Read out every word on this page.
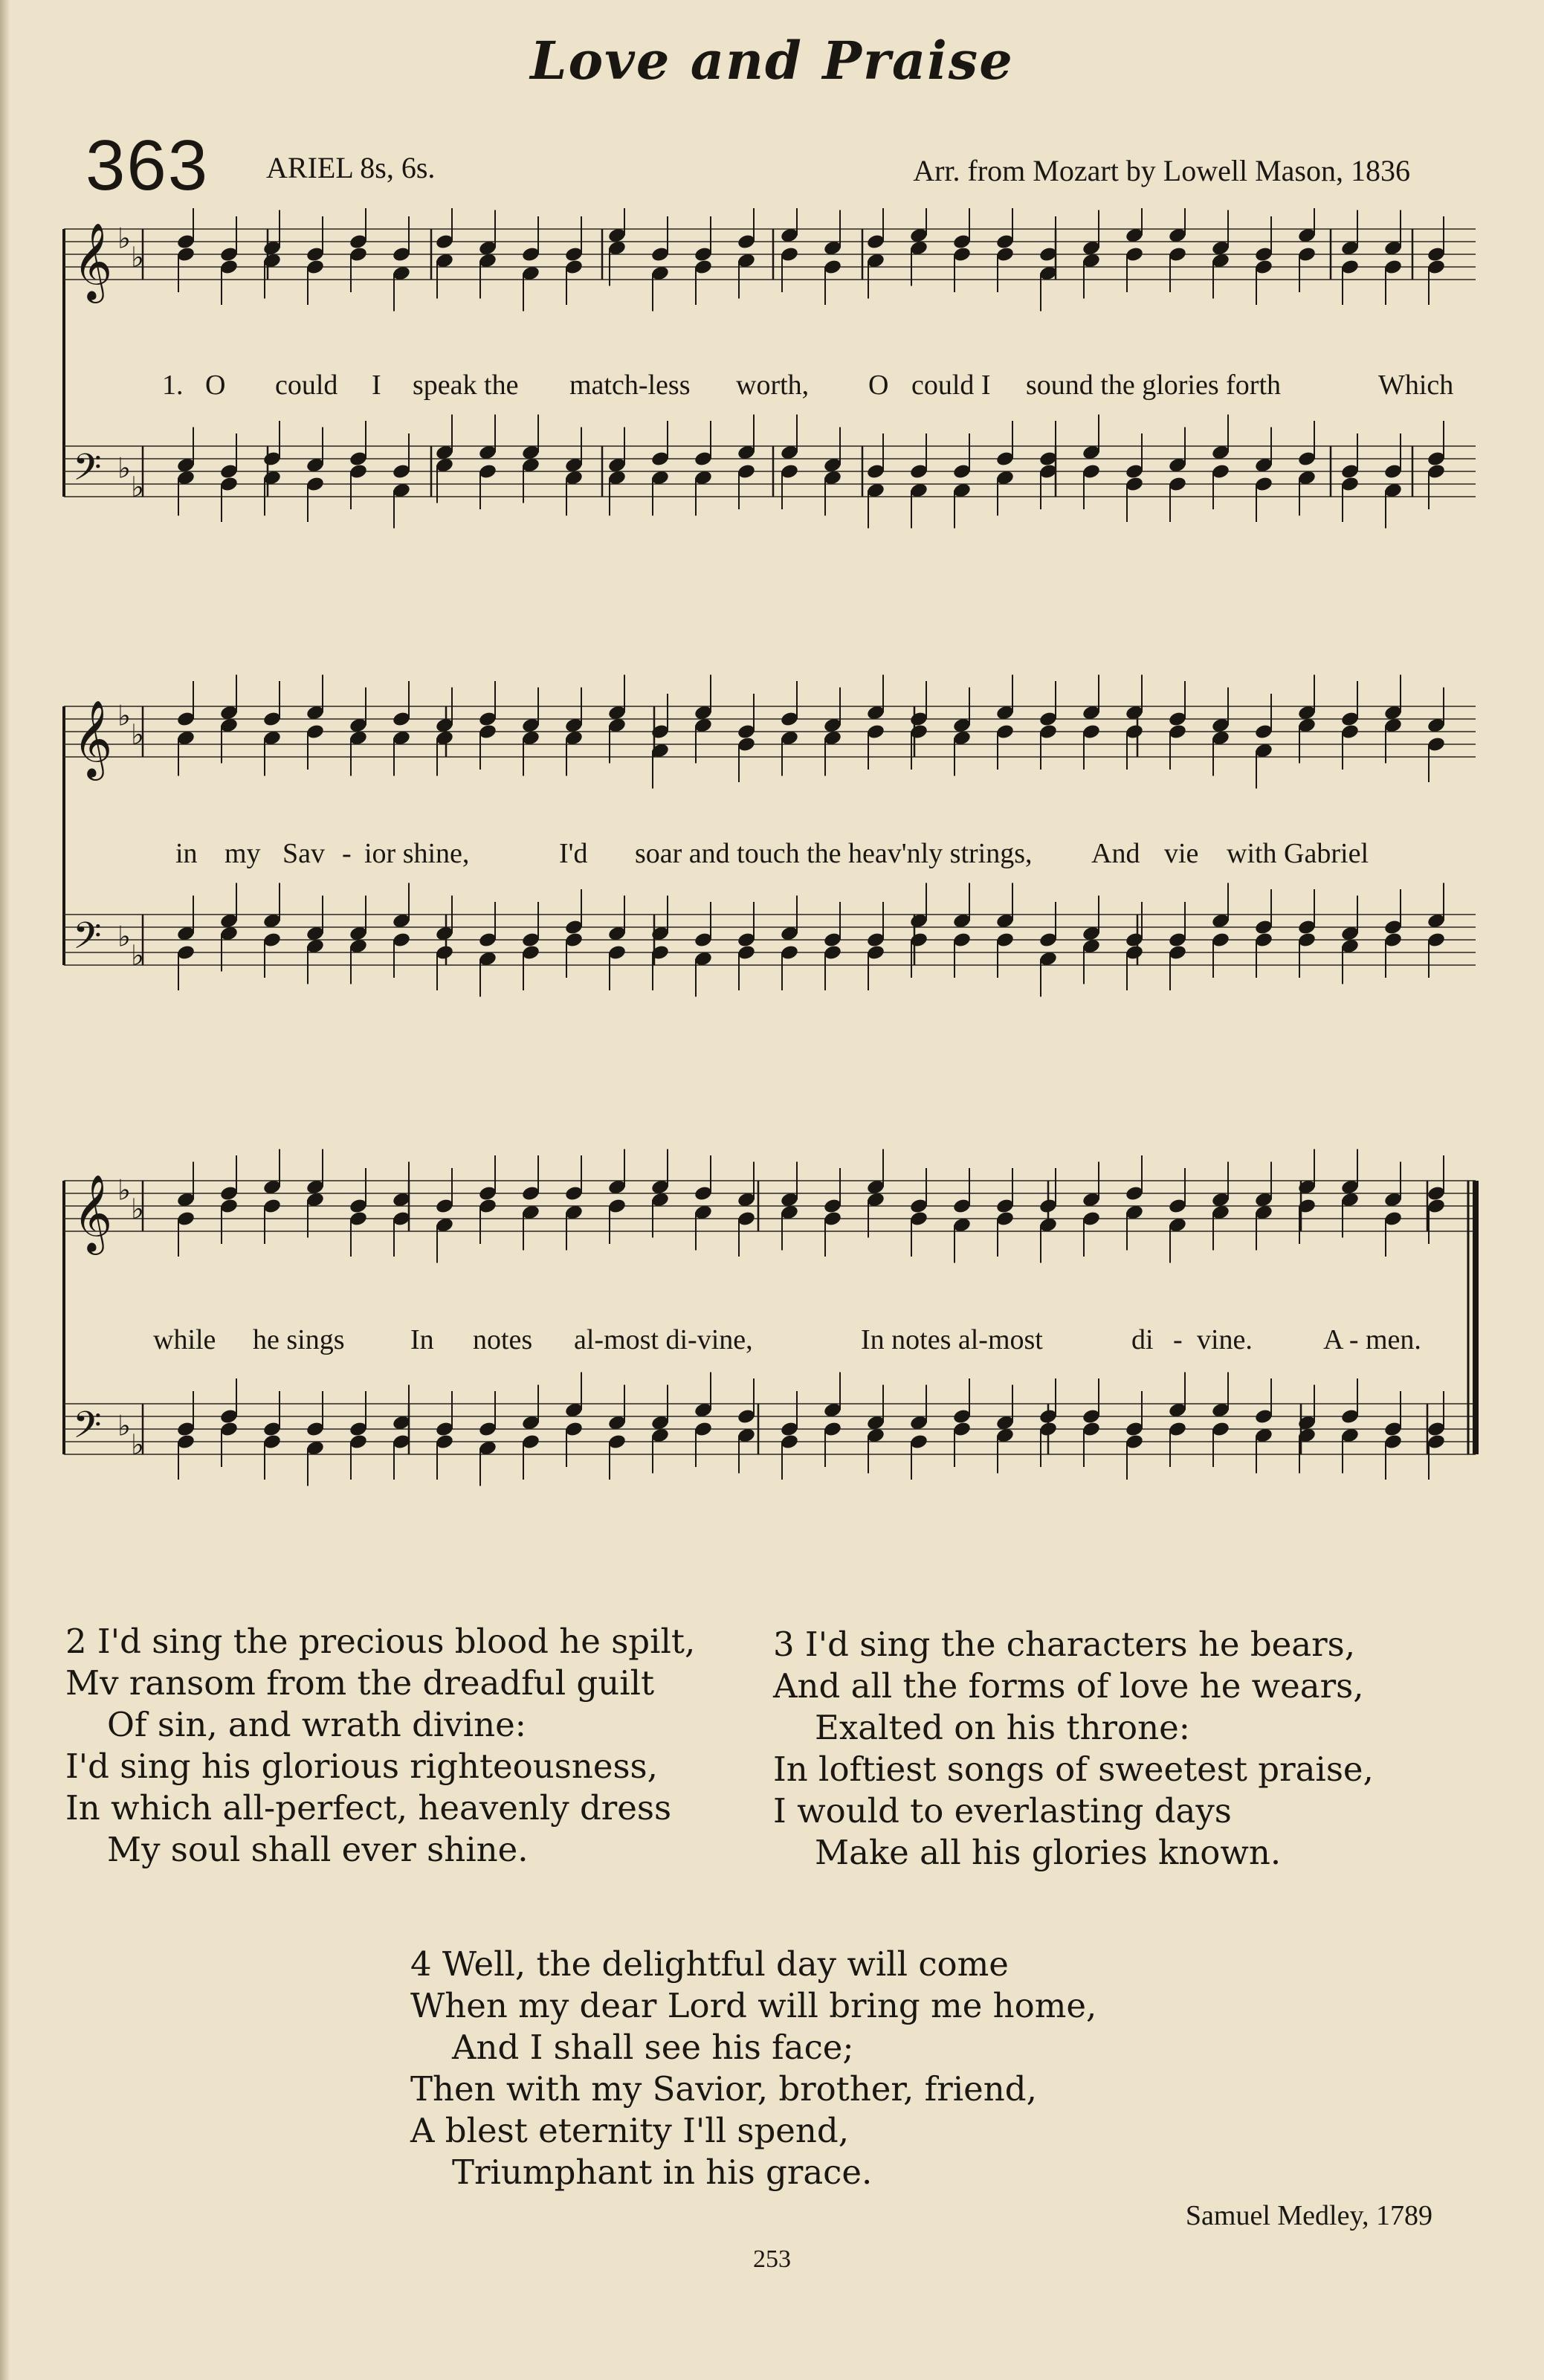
Love and Praise
363 ARIEL 8s, 6s.	Arr. from Mozart by Lowell Mason, 1836
𝄞 ♭
♭
𝄢 ♭
♭
1. O could I speak the match-less worth, O could I sound the glories forth	Which
𝄞 ♭
♭
𝄢 ♭
♭
in my Sav - ior shine,	I'd soar and touch the heav'nly strings, And vie with Gabriel
𝄞 ♭
♭
𝄢 ♭
♭
while he sings In notes al-most di-vine,	In notes al-most	di - vine.	A - men.
2 I'd sing the precious blood he spilt,
Mv ransom from the dreadful guilt
Of sin, and wrath divine:
I'd sing his glorious righteousness,
In which all-perfect, heavenly dress
My soul shall ever shine.
3 I'd sing the characters he bears,
And all the forms of love he wears,
Exalted on his throne:
In loftiest songs of sweetest praise,
I would to everlasting days
Make all his glories known.
4 Well, the delightful day will come
When my dear Lord will bring me home,
And I shall see his face;
Then with my Savior, brother, friend,
A blest eternity I'll spend,
Triumphant in his grace.
Samuel Medley, 1789
253
